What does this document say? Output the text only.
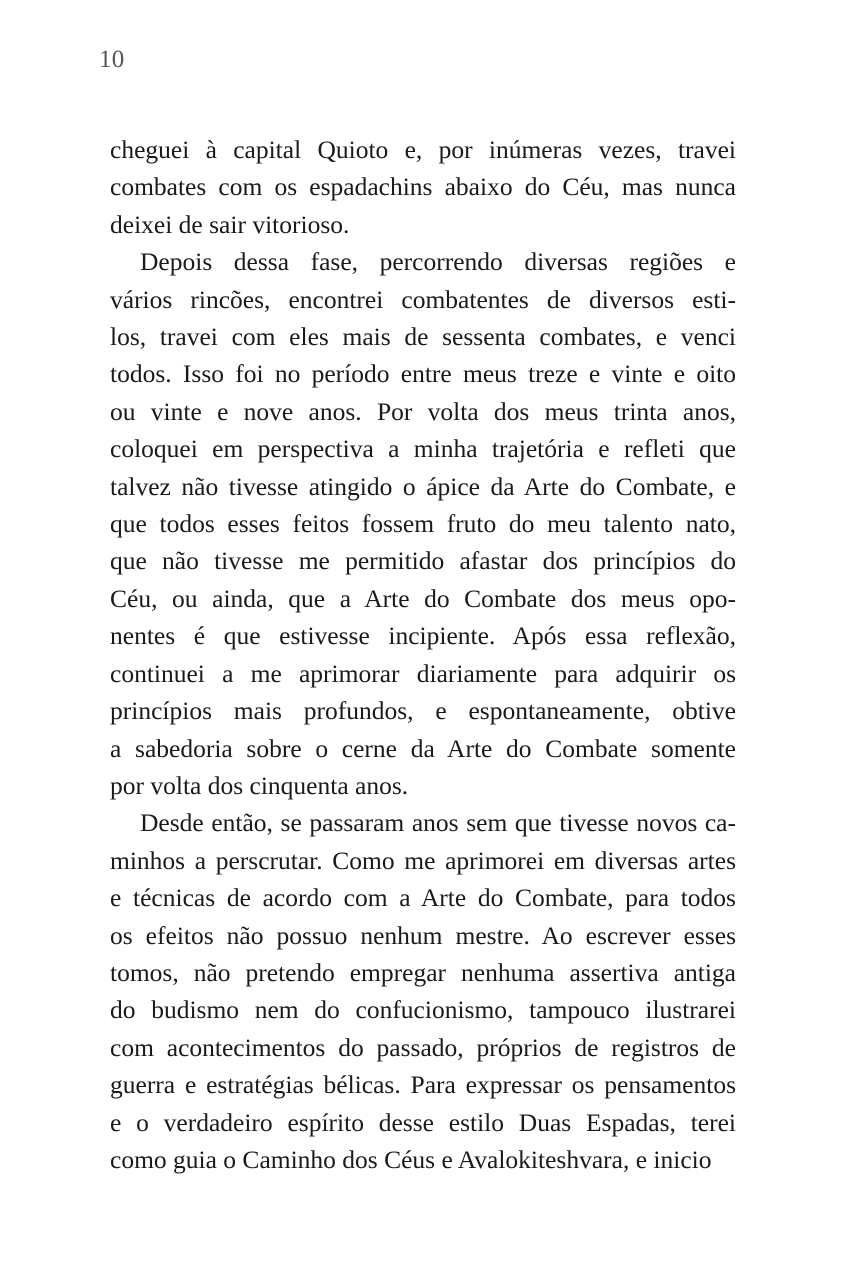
10

cheguei à capital Quioto e, por inúmeras vezes, travei
combates com os espadachins abaixo do Céu, mas nunca
deixei de sair vitorioso.

Depois dessa fase, percorrendo diversas regiões e
vários rincões, encontrei combatentes de diversos esti-
los, travei com eles mais de sessenta combates, e venci
todos. Isso foi no período entre meus treze e vinte e oito
ou vinte e nove anos. Por volta dos meus trinta anos,
coloquei em perspectiva a minha trajetória e refleti que
talvez não tivesse atingido o ápice da Arte do Combate, e
que todos esses feitos fossem fruto do meu talento nato,
que não tivesse me permitido afastar dos princípios do
Céu, ou ainda, que a Arte do Combate dos meus opo-
nentes é que estivesse incipiente. Após essa reflexão,
continuei a me aprimorar diariamente para adquirir os
princípios mais profundos, e espontaneamente, obtive
a sabedoria sobre o cerne da Arte do Combate somente
por volta dos cinquenta anos.

Desde então, se passaram anos sem que tivesse novos ca-
minhos a perscrutar. Como me aprimorei em diversas artes
e técnicas de acordo com a Arte do Combate, para todos
os efeitos não possuo nenhum mestre. Ao escrever esses
tomos, não pretendo empregar nenhuma assertiva antiga
do budismo nem do confucionismo, tampouco ilustrarei
com acontecimentos do passado, próprios de registros de
guerra e estratégias bélicas. Para expressar os pensamentos
e o verdadeiro espírito desse estilo Duas Espadas, terei
como guia o Caminho dos Céus e Avalokiteshvara, e inicio
